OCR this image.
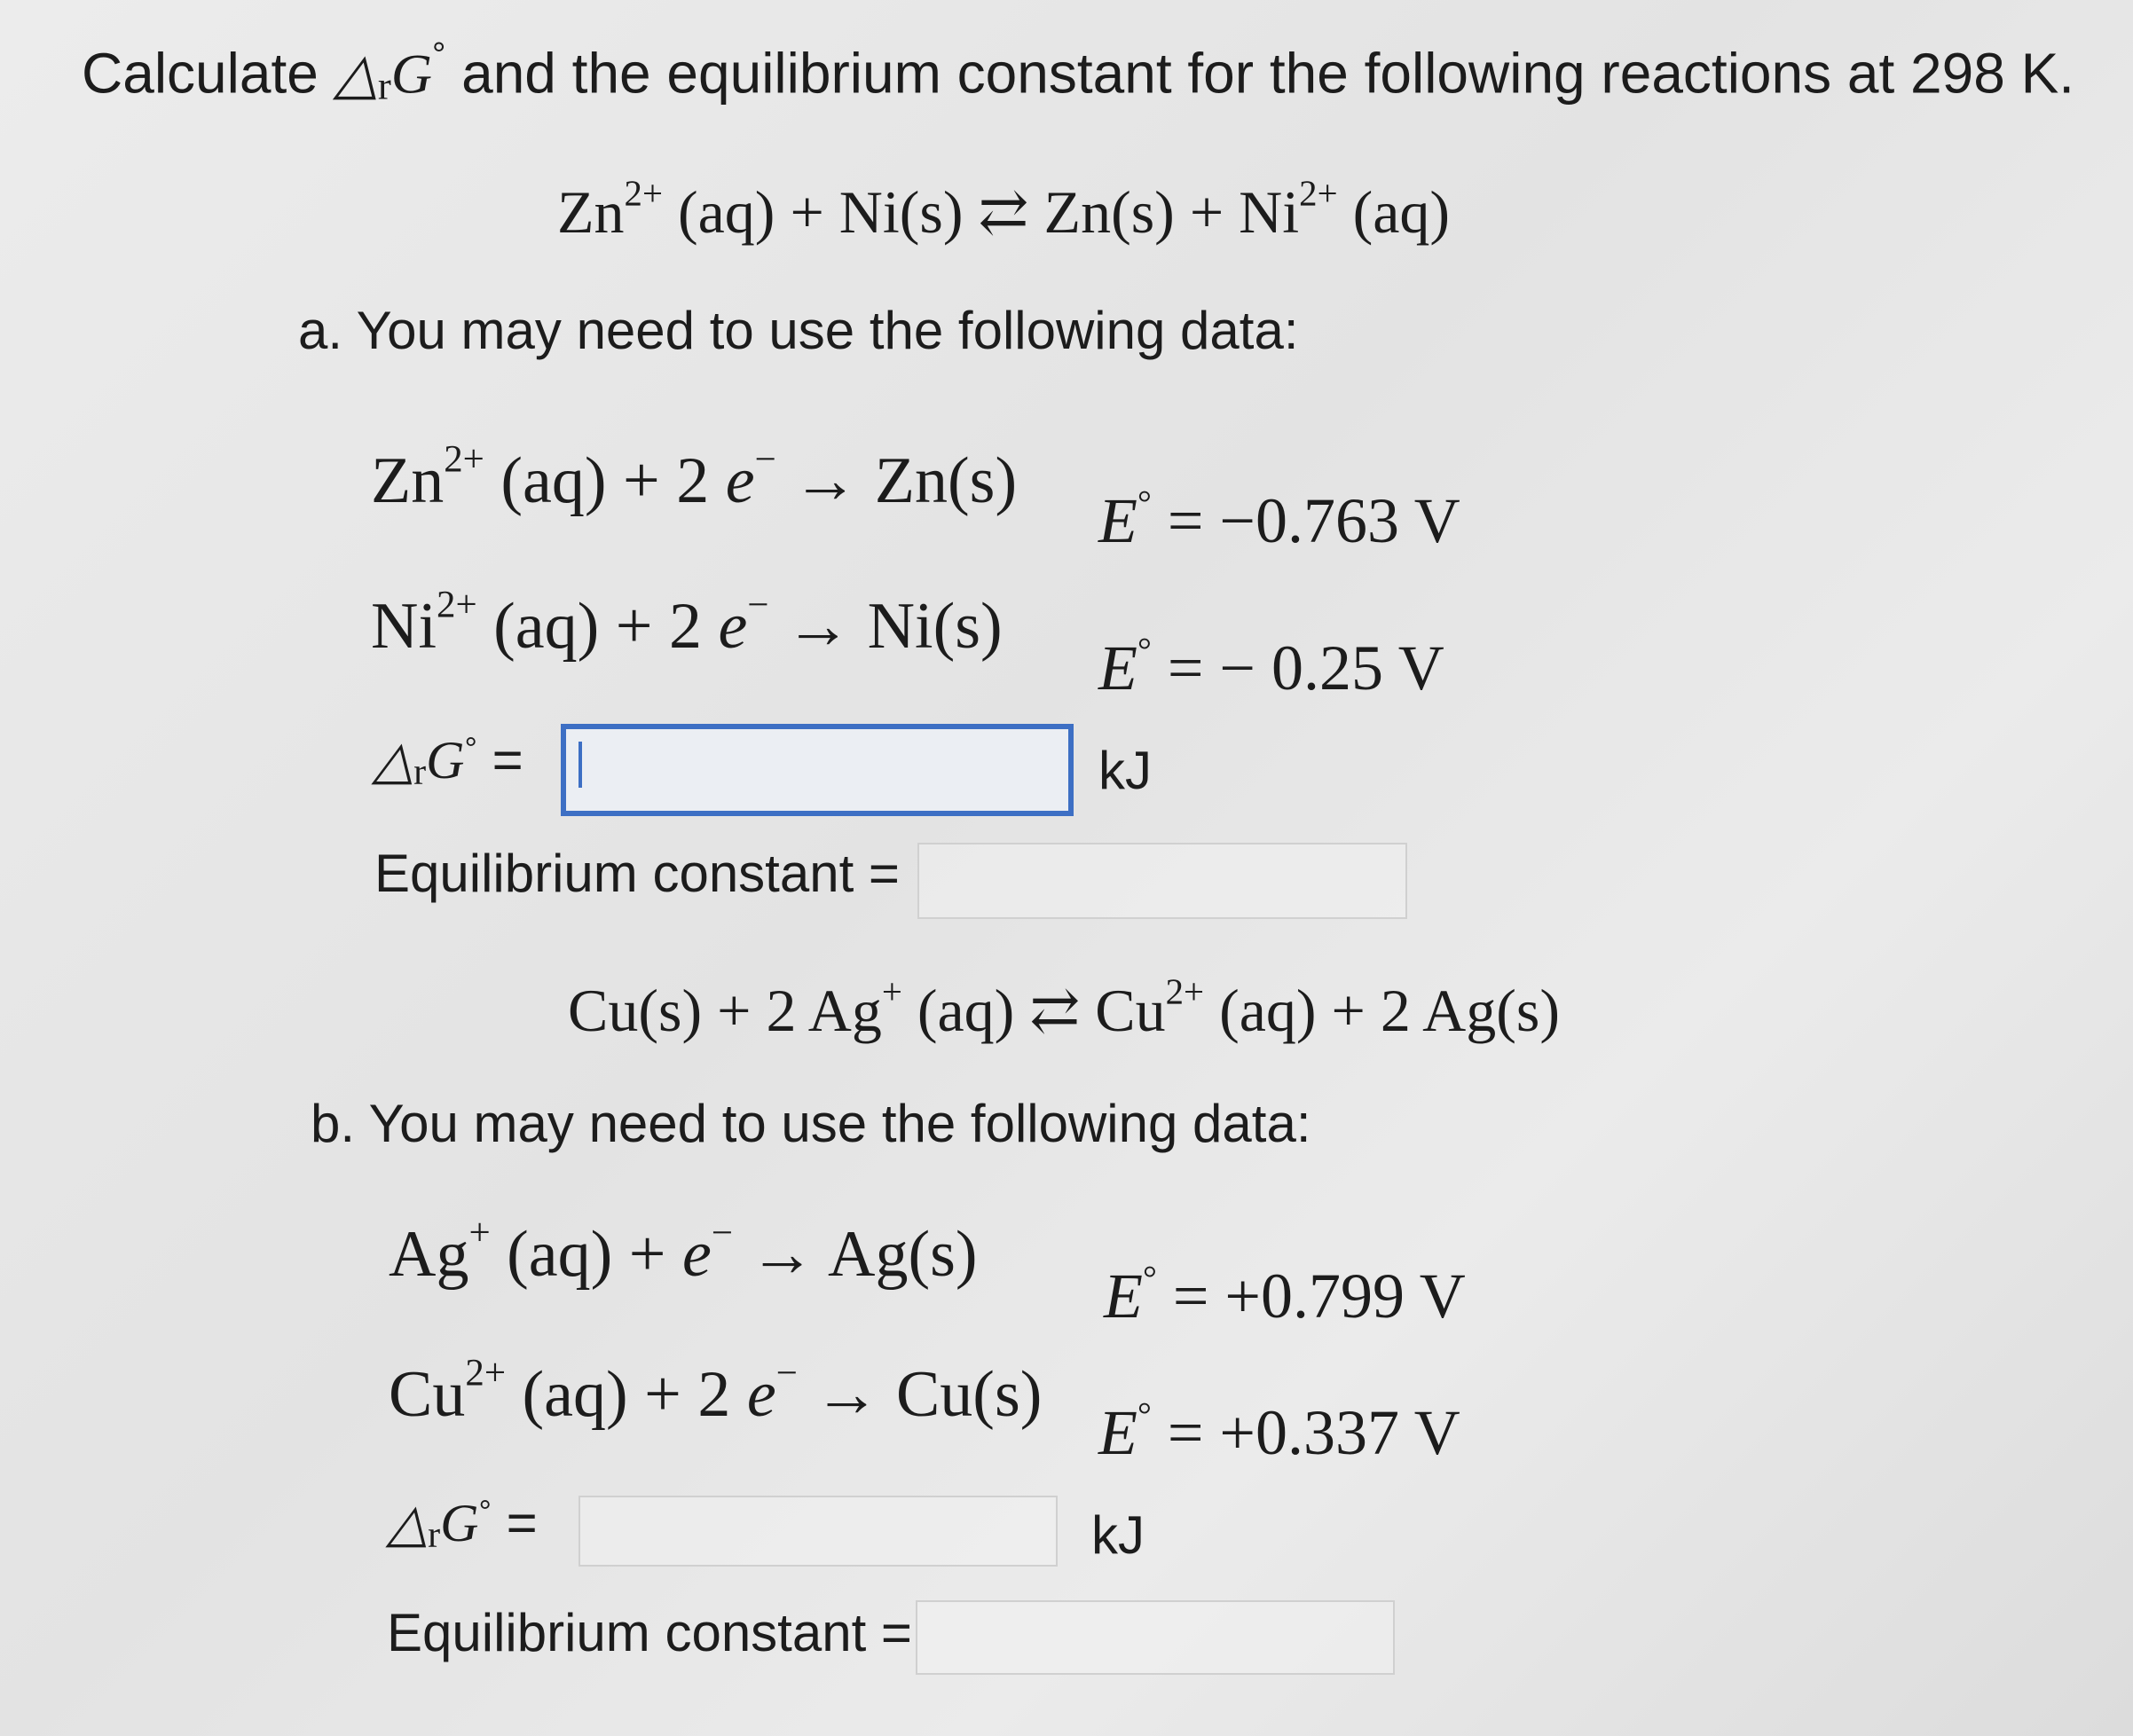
Calculate △rG° and the equilibrium constant for the following reactions at 298 K.
$Zn^{2+}$ (aq) + Ni(s) ⇄ $Zn(s) + Ni^{2+}$ (aq)
a. You may need to use the following data:
$Zn^{2+}$ (aq) + 2 e− → Zn(s)
E° = −0.763 V
$Ni^{2+}$ (aq) + 2 e− → Ni(s)
E° = − 0.25 V
△rG° =	kJ
Equilibrium constant =
Cu(s) + 2 Ag+ (aq) ⇄ $Cu^{2+}$ (aq) + 2 Ag(s)
b. You may need to use the following data:
Ag+ (aq) + e− → Ag(s)
E° = +0.799 V
$Cu^{2+}$ (aq) + 2 e− → Cu(s)
E° = +0.337 V
△rG° =	kJ
Equilibrium constant =
